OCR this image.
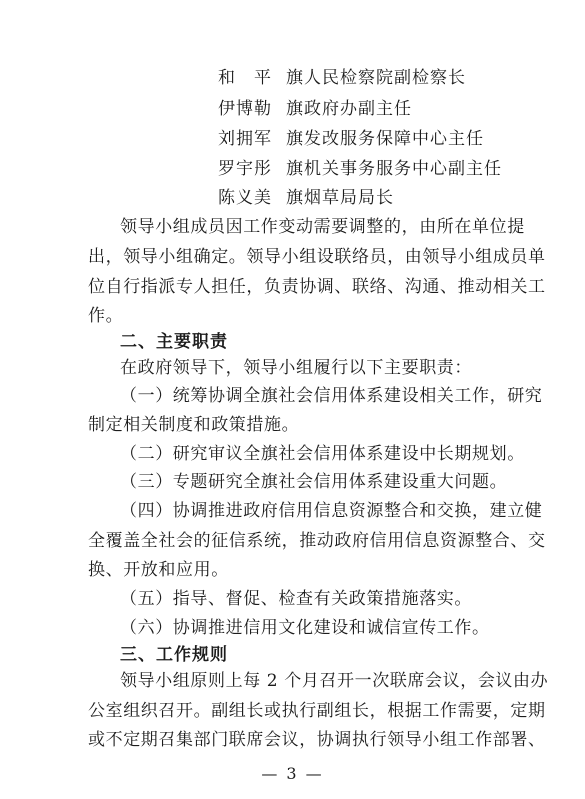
和　平 旗人民检察院副检察长
伊博勒 旗政府办副主任
刘拥军 旗发改服务保障中心主任
罗宇彤 旗机关事务服务中心副主任
陈义美 旗烟草局局长
领导小组成员因工作变动需要调整的，由所在单位提
出，领导小组确定。领导小组设联络员，由领导小组成员单
位自行指派专人担任，负责协调、联络、沟通、推动相关工
作。
二、主要职责
在政府领导下，领导小组履行以下主要职责：
（一）统筹协调全旗社会信用体系建设相关工作，研究
制定相关制度和政策措施。
（二）研究审议全旗社会信用体系建设中长期规划。
（三）专题研究全旗社会信用体系建设重大问题。
（四）协调推进政府信用信息资源整合和交换，建立健
全覆盖全社会的征信系统，推动政府信用信息资源整合、交
换、开放和应用。
（五）指导、督促、检查有关政策措施落实。
（六）协调推进信用文化建设和诚信宣传工作。
三、工作规则
领导小组原则上每 2 个月召开一次联席会议，会议由办
公室组织召开。副组长或执行副组长，根据工作需要，定期
或不定期召集部门联席会议，协调执行领导小组工作部署、
— 3 —
